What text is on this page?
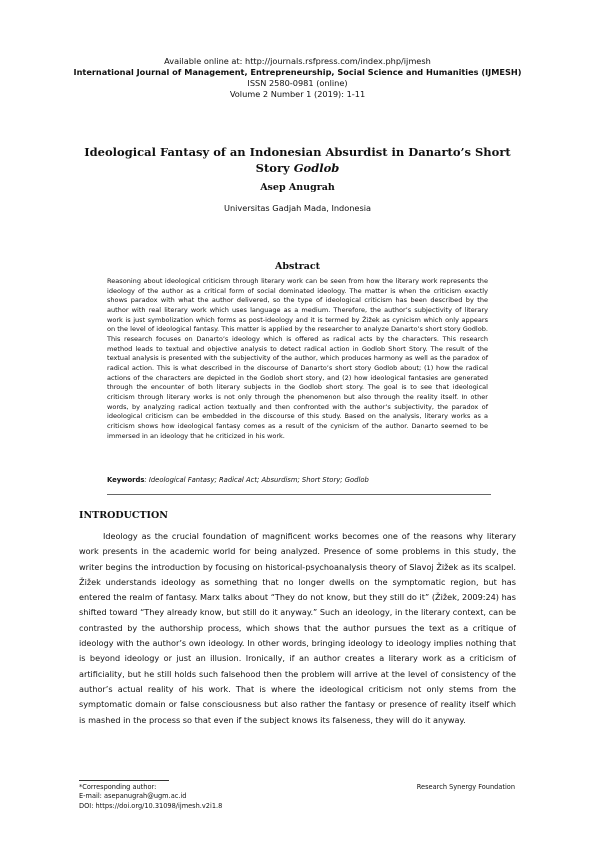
Available online at: http://journals.rsfpress.com/index.php/ijmesh
International Journal of Management, Entrepreneurship, Social Science and Humanities (IJMESH)
ISSN 2580-0981 (online)
Volume 2 Number 1 (2019): 1-11
Ideological Fantasy of an Indonesian Absurdist in Danarto’s Short Story Godlob
Asep Anugrah
Universitas Gadjah Mada, Indonesia
Abstract
Reasoning about ideological criticism through literary work can be seen from how the literary work represents the ideology of the author as a critical form of social dominated ideology. The matter is when the criticism exactly shows paradox with what the author delivered, so the type of ideological criticism has been described by the author with real literary work which uses language as a medium. Therefore, the author’s subjectivity of literary work is just symbolization which forms as post-ideology and it is termed by Žižek as cynicism which only appears on the level of ideological fantasy. This matter is applied by the researcher to analyze Danarto’s short story Godlob. This research focuses on Danarto’s ideology which is offered as radical acts by the characters. This research method leads to textual and objective analysis to detect radical action in Godlob Short Story. The result of the textual analysis is presented with the subjectivity of the author, which produces harmony as well as the paradox of radical action. This is what described in the discourse of Danarto’s short story Godlob about; (1) how the radical actions of the characters are depicted in the Godlob short story, and (2) how ideological fantasies are generated through the encounter of both literary subjects in the Godlob short story. The goal is to see that ideological criticism through literary works is not only through the phenomenon but also through the reality itself. In other words, by analyzing radical action textually and then confronted with the author’s subjectivity, the paradox of ideological criticism can be embedded in the discourse of this study. Based on the analysis, literary works as a criticism shows how ideological fantasy comes as a result of the cynicism of the author. Danarto seemed to be immersed in an ideology that he criticized in his work.
Keywords: Ideological Fantasy; Radical Act; Absurdism; Short Story; Godlob
INTRODUCTION
Ideology as the crucial foundation of magnificent works becomes one of the reasons why literary work presents in the academic world for being analyzed. Presence of some problems in this study, the writer begins the introduction by focusing on historical-psychoanalysis theory of Slavoj Žižek as its scalpel. Žižek understands ideology as something that no longer dwells on the symptomatic region, but has entered the realm of fantasy. Marx talks about “They do not know, but they still do it” (Žižek, 2009:24) has shifted toward “They already know, but still do it anyway.” Such an ideology, in the literary context, can be contrasted by the authorship process, which shows that the author pursues the text as a critique of ideology with the author’s own ideology. In other words, bringing ideology to ideology implies nothing that is beyond ideology or just an illusion. Ironically, if an author creates a literary work as a criticism of artificiality, but he still holds such falsehood then the problem will arrive at the level of consistency of the author’s actual reality of his work. That is where the ideological criticism not only stems from the symptomatic domain or false consciousness but also rather the fantasy or presence of reality itself which is mashed in the process so that even if the subject knows its falseness, they will do it anyway.
*Corresponding author:
E-mail: asepanugrah@ugm.ac.id
DOI: https://doi.org/10.31098/ijmesh.v2i1.8
Research Synergy Foundation
